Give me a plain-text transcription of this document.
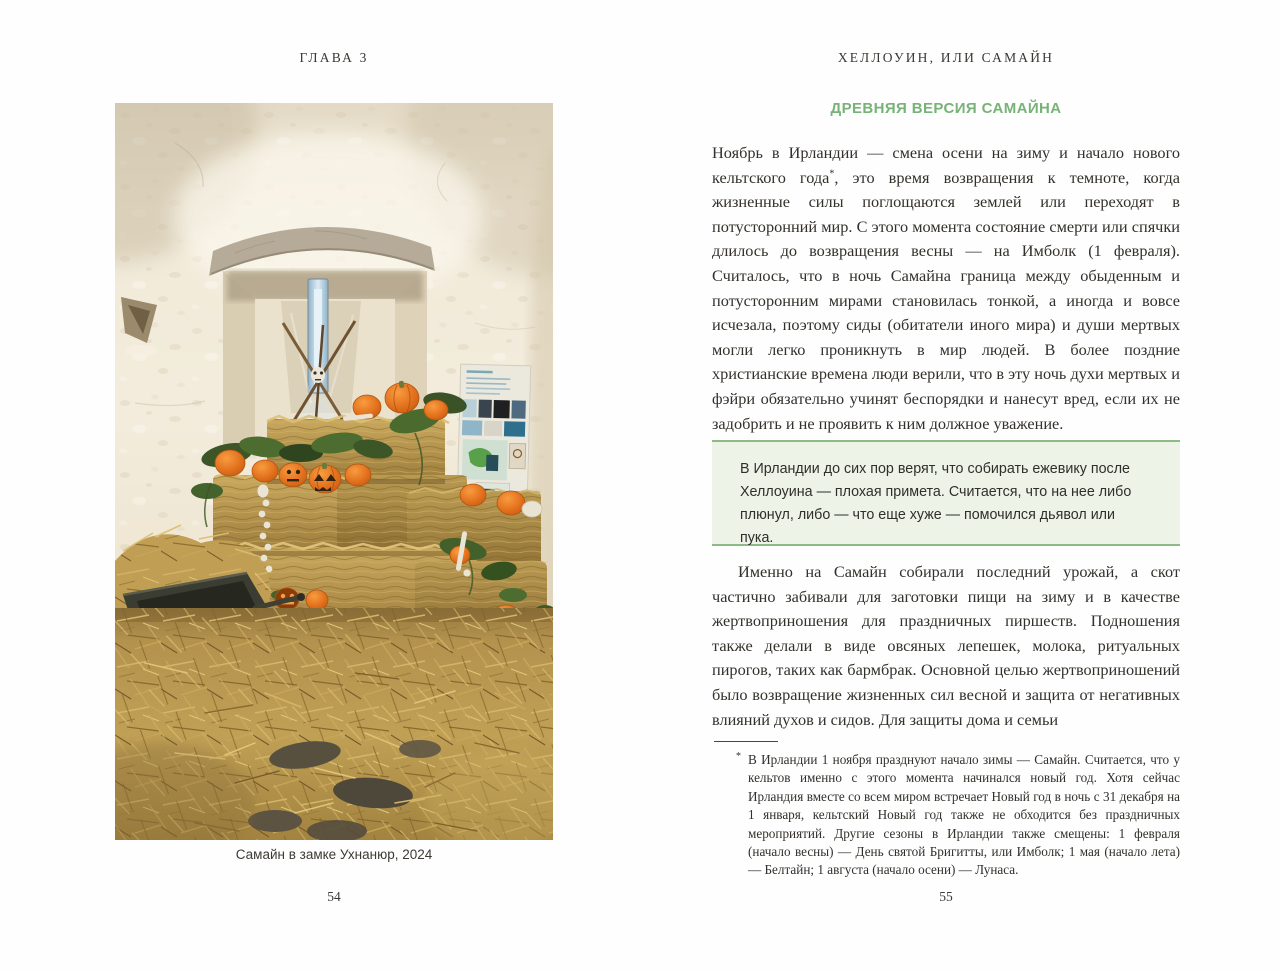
ГЛАВА 3
Самайн в замке Ухнанюр, 2024
54
ХЕЛЛОУИН, ИЛИ САМАЙН
ДРЕВНЯЯ ВЕРСИЯ САМАЙНА

Ноябрь в Ирландии — смена осени на зиму и начало нового кельтского года*, это время возвращения к темноте, когда жизненные силы поглощаются землей или переходят в потусторонний мир. С этого момента состояние смерти или спячки длилось до возвращения весны — на Имболк (1 февраля). Считалось, что в ночь Самайна граница между обыденным и потусторонним мирами становилась тонкой, а иногда и вовсе исчезала, поэтому сиды (обитатели иного мира) и души мертвых могли легко проникнуть в мир людей. В более поздние христианские времена люди верили, что в эту ночь духи мертвых и фэйри обязательно учинят беспорядки и нанесут вред, если их не задобрить и не проявить к ним должное уважение.

В Ирландии до сих пор верят, что собирать ежевику после Хеллоуина — плохая примета. Считается, что на нее либо плюнул, либо — что еще хуже — помочился дьявол или пука.

Именно на Самайн собирали последний урожай, а скот частично забивали для заготовки пищи на зиму и в качестве жертвоприношения для праздничных пиршеств. Подношения также делали в виде овсяных лепешек, молока, ритуальных пирогов, таких как бармбрак. Основной целью жертвоприношений было возвращение жизненных сил весной и защита от негативных влияний духов и сидов. Для защиты дома и семьи

* В Ирландии 1 ноября празднуют начало зимы — Самайн. Считается, что у кельтов именно с этого момента начинался новый год. Хотя сейчас Ирландия вместе со всем миром встречает Новый год в ночь с 31 декабря на 1 января, кельтский Новый год также не обходится без праздничных мероприятий. Другие сезоны в Ирландии также смещены: 1 февраля (начало весны) — День святой Бригитты, или Имболк; 1 мая (начало лета) — Белтайн; 1 августа (начало осени) — Лунаса.
55
